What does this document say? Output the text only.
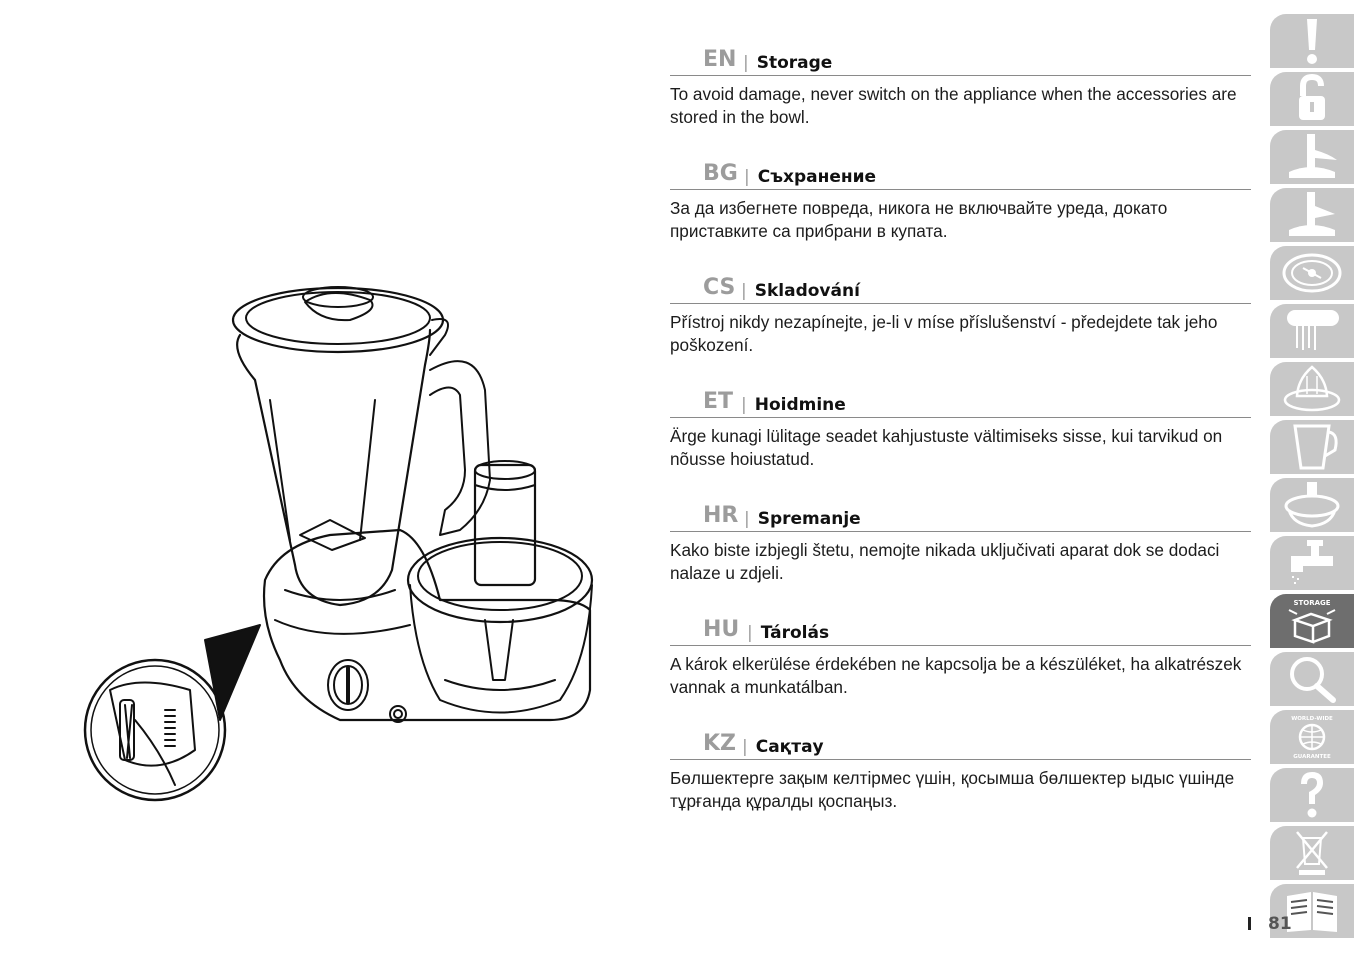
EN | Storage
To avoid damage, never switch on the appliance when the accessories are stored in the bowl.
BG | Съхранение
За да избегнете повреда, никога не включвайте уреда, докато приставките са прибрани в купата.
CS | Skladování
Přístroj nikdy nezapínejte, je-li v míse příslušenství - předejdete tak jeho poškození.
ET | Hoidmine
Ärge kunagi lülitage seadet kahjustuste vältimiseks sisse, kui tarvikud on nõusse hoiustatud.
HR | Spremanje
Kako biste izbjegli štetu, nemojte nikada uključivati aparat dok se dodaci nalaze u zdjeli.
HU | Tárolás
A károk elkerülése érdekében ne kapcsolja be a készüléket, ha alkatrészek vannak a munkatálban.
KZ | Сақтау
Бөлшектерге зақым келтірмес үшін, қосымша бөлшектер ыдыс үшінде тұрғанда құралды қоспаңыз.
STORAGE
WORLD-WIDE
GUARANTEE
81
